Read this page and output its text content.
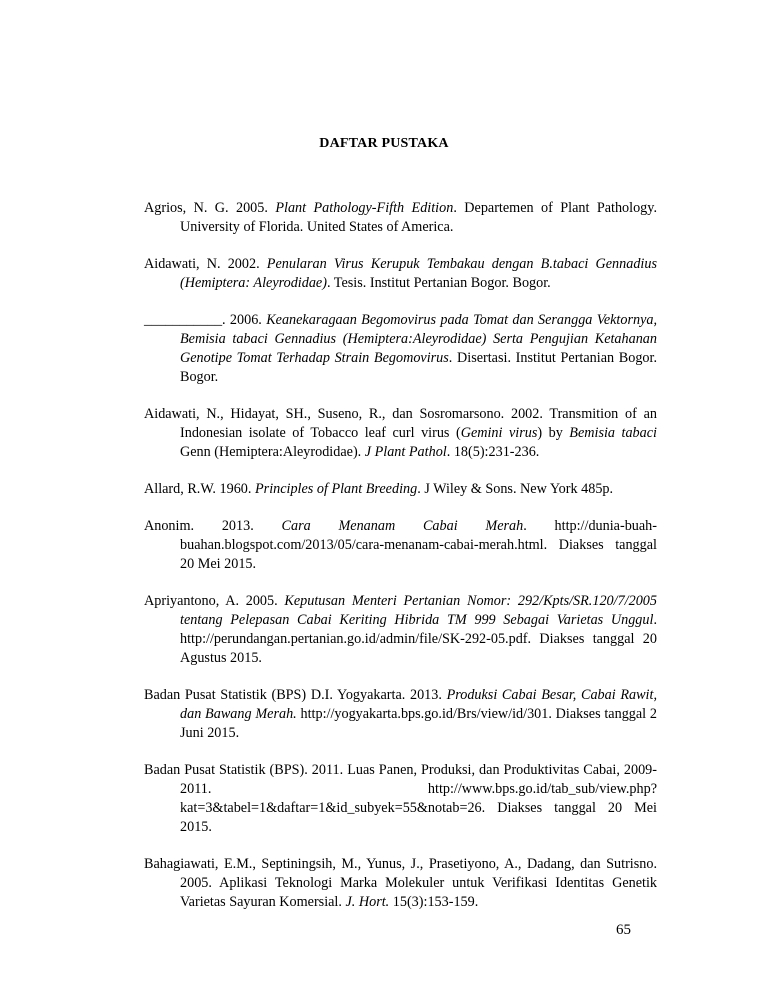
DAFTAR PUSTAKA

Agrios, N. G. 2005. Plant Pathology-Fifth Edition. Departemen of Plant Pathology. University of Florida. United States of America.

Aidawati, N. 2002. Penularan Virus Kerupuk Tembakau dengan B.tabaci Gennadius (Hemiptera: Aleyrodidae). Tesis. Institut Pertanian Bogor. Bogor.

___________. 2006. Keanekaragaan Begomovirus pada Tomat dan Serangga Vektornya, Bemisia tabaci Gennadius (Hemiptera:Aleyrodidae) Serta Pengujian Ketahanan Genotipe Tomat Terhadap Strain Begomovirus. Disertasi. Institut Pertanian Bogor. Bogor.

Aidawati, N., Hidayat, SH., Suseno, R., dan Sosromarsono. 2002. Transmition of an Indonesian isolate of Tobacco leaf curl virus (Gemini virus) by Bemisia tabaci Genn (Hemiptera:Aleyrodidae). J Plant Pathol. 18(5):231-236.

Allard, R.W. 1960. Principles of Plant Breeding. J Wiley & Sons. New York 485p.

Anonim. 2013. Cara Menanam Cabai Merah. http://dunia-buah-buahan.blogspot.com/2013/05/cara-menanam-cabai-merah.html. Diakses tanggal 20 Mei 2015.

Apriyantono, A. 2005. Keputusan Menteri Pertanian Nomor: 292/Kpts/SR.120/7/2005 tentang Pelepasan Cabai Keriting Hibrida TM 999 Sebagai Varietas Unggul. http://perundangan.pertanian.go.id/admin/file/SK-292-05.pdf. Diakses tanggal 20 Agustus 2015.

Badan Pusat Statistik (BPS) D.I. Yogyakarta. 2013. Produksi Cabai Besar, Cabai Rawit, dan Bawang Merah. http://yogyakarta.bps.go.id/Brs/view/id/301. Diakses tanggal 2 Juni 2015.

Badan Pusat Statistik (BPS). 2011. Luas Panen, Produksi, dan Produktivitas Cabai, 2009-2011. http://www.bps.go.id/tab_sub/view.php?kat=3&tabel=1&daftar=1&id_subyek=55&notab=26. Diakses tanggal 20 Mei 2015.

Bahagiawati, E.M., Septiningsih, M., Yunus, J., Prasetiyono, A., Dadang, dan Sutrisno. 2005. Aplikasi Teknologi Marka Molekuler untuk Verifikasi Identitas Genetik Varietas Sayuran Komersial. J. Hort. 15(3):153-159.

65
